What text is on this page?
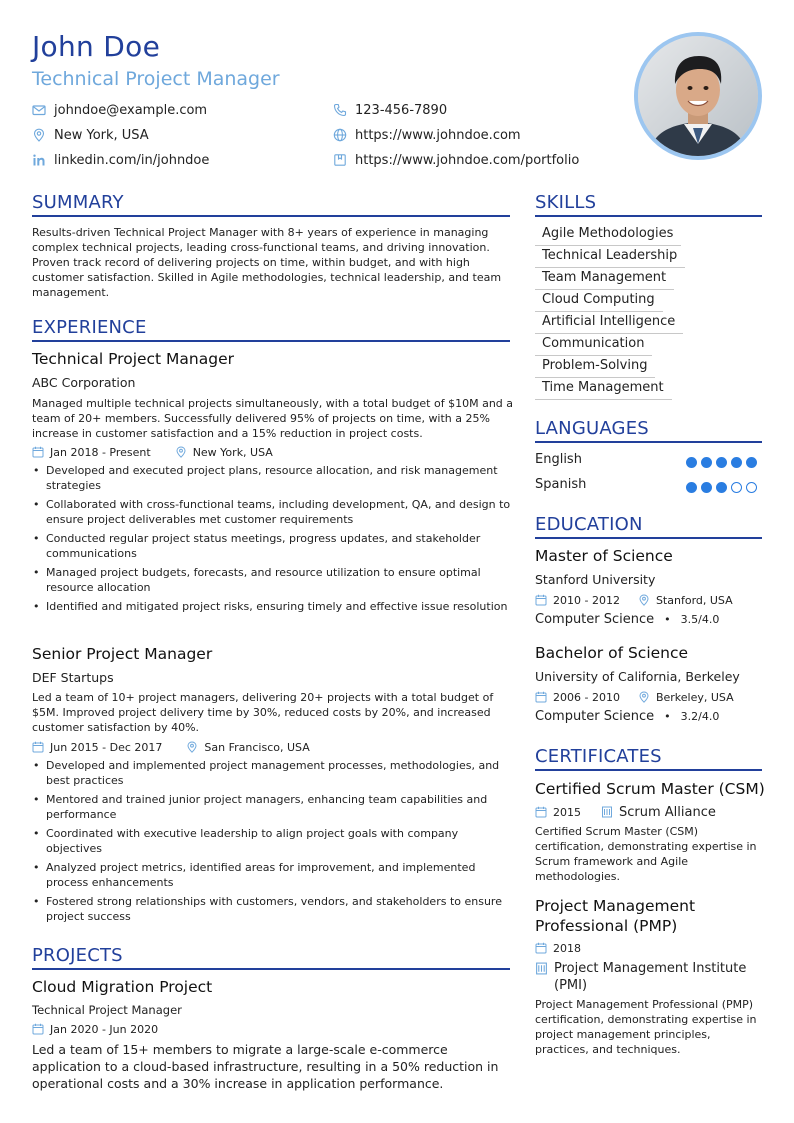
John Doe
Technical Project Manager
johndoe@example.com	123-456-7890
New York, USA	https://www.johndoe.com
linkedin.com/in/johndoe	https://www.johndoe.com/portfolio
SUMMARY
Results-driven Technical Project Manager with 8+ years of experience in managing complex technical projects, leading cross-functional teams, and driving innovation. Proven track record of delivering projects on time, within budget, and with high customer satisfaction. Skilled in Agile methodologies, technical leadership, and team management.
EXPERIENCE
Technical Project Manager
ABC Corporation
Managed multiple technical projects simultaneously, with a total budget of $10M and a team of 20+ members. Successfully delivered 95% of projects on time, with a 25% increase in customer satisfaction and a 15% reduction in project costs.
Jan 2018 - Present	New York, USA
• Developed and executed project plans, resource allocation, and risk management strategies
• Collaborated with cross-functional teams, including development, QA, and design to ensure project deliverables met customer requirements
• Conducted regular project status meetings, progress updates, and stakeholder communications
• Managed project budgets, forecasts, and resource utilization to ensure optimal resource allocation
• Identified and mitigated project risks, ensuring timely and effective issue resolution
Senior Project Manager
DEF Startups
Led a team of 10+ project managers, delivering 20+ projects with a total budget of $5M. Improved project delivery time by 30%, reduced costs by 20%, and increased customer satisfaction by 40%.
Jun 2015 - Dec 2017	San Francisco, USA
• Developed and implemented project management processes, methodologies, and best practices
• Mentored and trained junior project managers, enhancing team capabilities and performance
• Coordinated with executive leadership to align project goals with company objectives
• Analyzed project metrics, identified areas for improvement, and implemented process enhancements
• Fostered strong relationships with customers, vendors, and stakeholders to ensure project success
PROJECTS
Cloud Migration Project
Technical Project Manager
Jan 2020 - Jun 2020
Led a team of 15+ members to migrate a large-scale e-commerce application to a cloud-based infrastructure, resulting in a 50% reduction in operational costs and a 30% increase in application performance.
SKILLS
Agile Methodologies
Technical Leadership
Team Management
Cloud Computing
Artificial Intelligence
Communication
Problem-Solving
Time Management
LANGUAGES
English
Spanish
EDUCATION
Master of Science
Stanford University
2010 - 2012	Stanford, USA
Computer Science • 3.5/4.0
Bachelor of Science
University of California, Berkeley
2006 - 2010	Berkeley, USA
Computer Science • 3.2/4.0
CERTIFICATES
Certified Scrum Master (CSM)
2015	Scrum Alliance
Certified Scrum Master (CSM) certification, demonstrating expertise in Scrum framework and Agile methodologies.
Project Management Professional (PMP)
2018
Project Management Institute (PMI)
Project Management Professional (PMP) certification, demonstrating expertise in project management principles, practices, and techniques.
